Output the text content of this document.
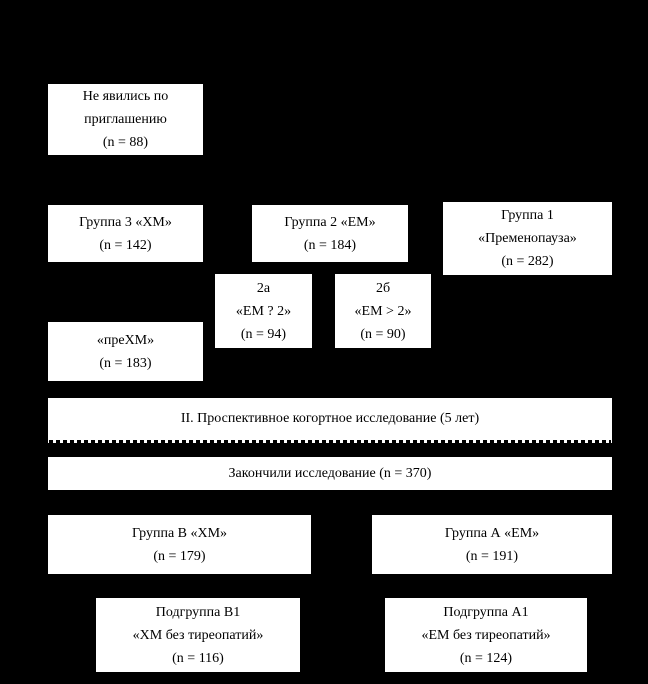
Не явились по
приглашению
(n = 88)
Группа 3 «ХМ»
(n = 142)
Группа 2 «ЕМ»
(n = 184)
Группа 1
«Пременопауза»
(n = 282)
2а
«ЕМ ? 2»
(n = 94)
2б
«ЕМ > 2»
(n = 90)
«преХМ»
(n = 183)
II. Проспективное когортное исследование (5 лет)
Закончили исследование (n = 370)
Группа В «ХМ»
(n = 179)
Группа А «ЕМ»
(n = 191)
Подгруппа В1
«ХМ без тиреопатий»
(n = 116)
Подгруппа А1
«ЕМ без тиреопатий»
(n = 124)
